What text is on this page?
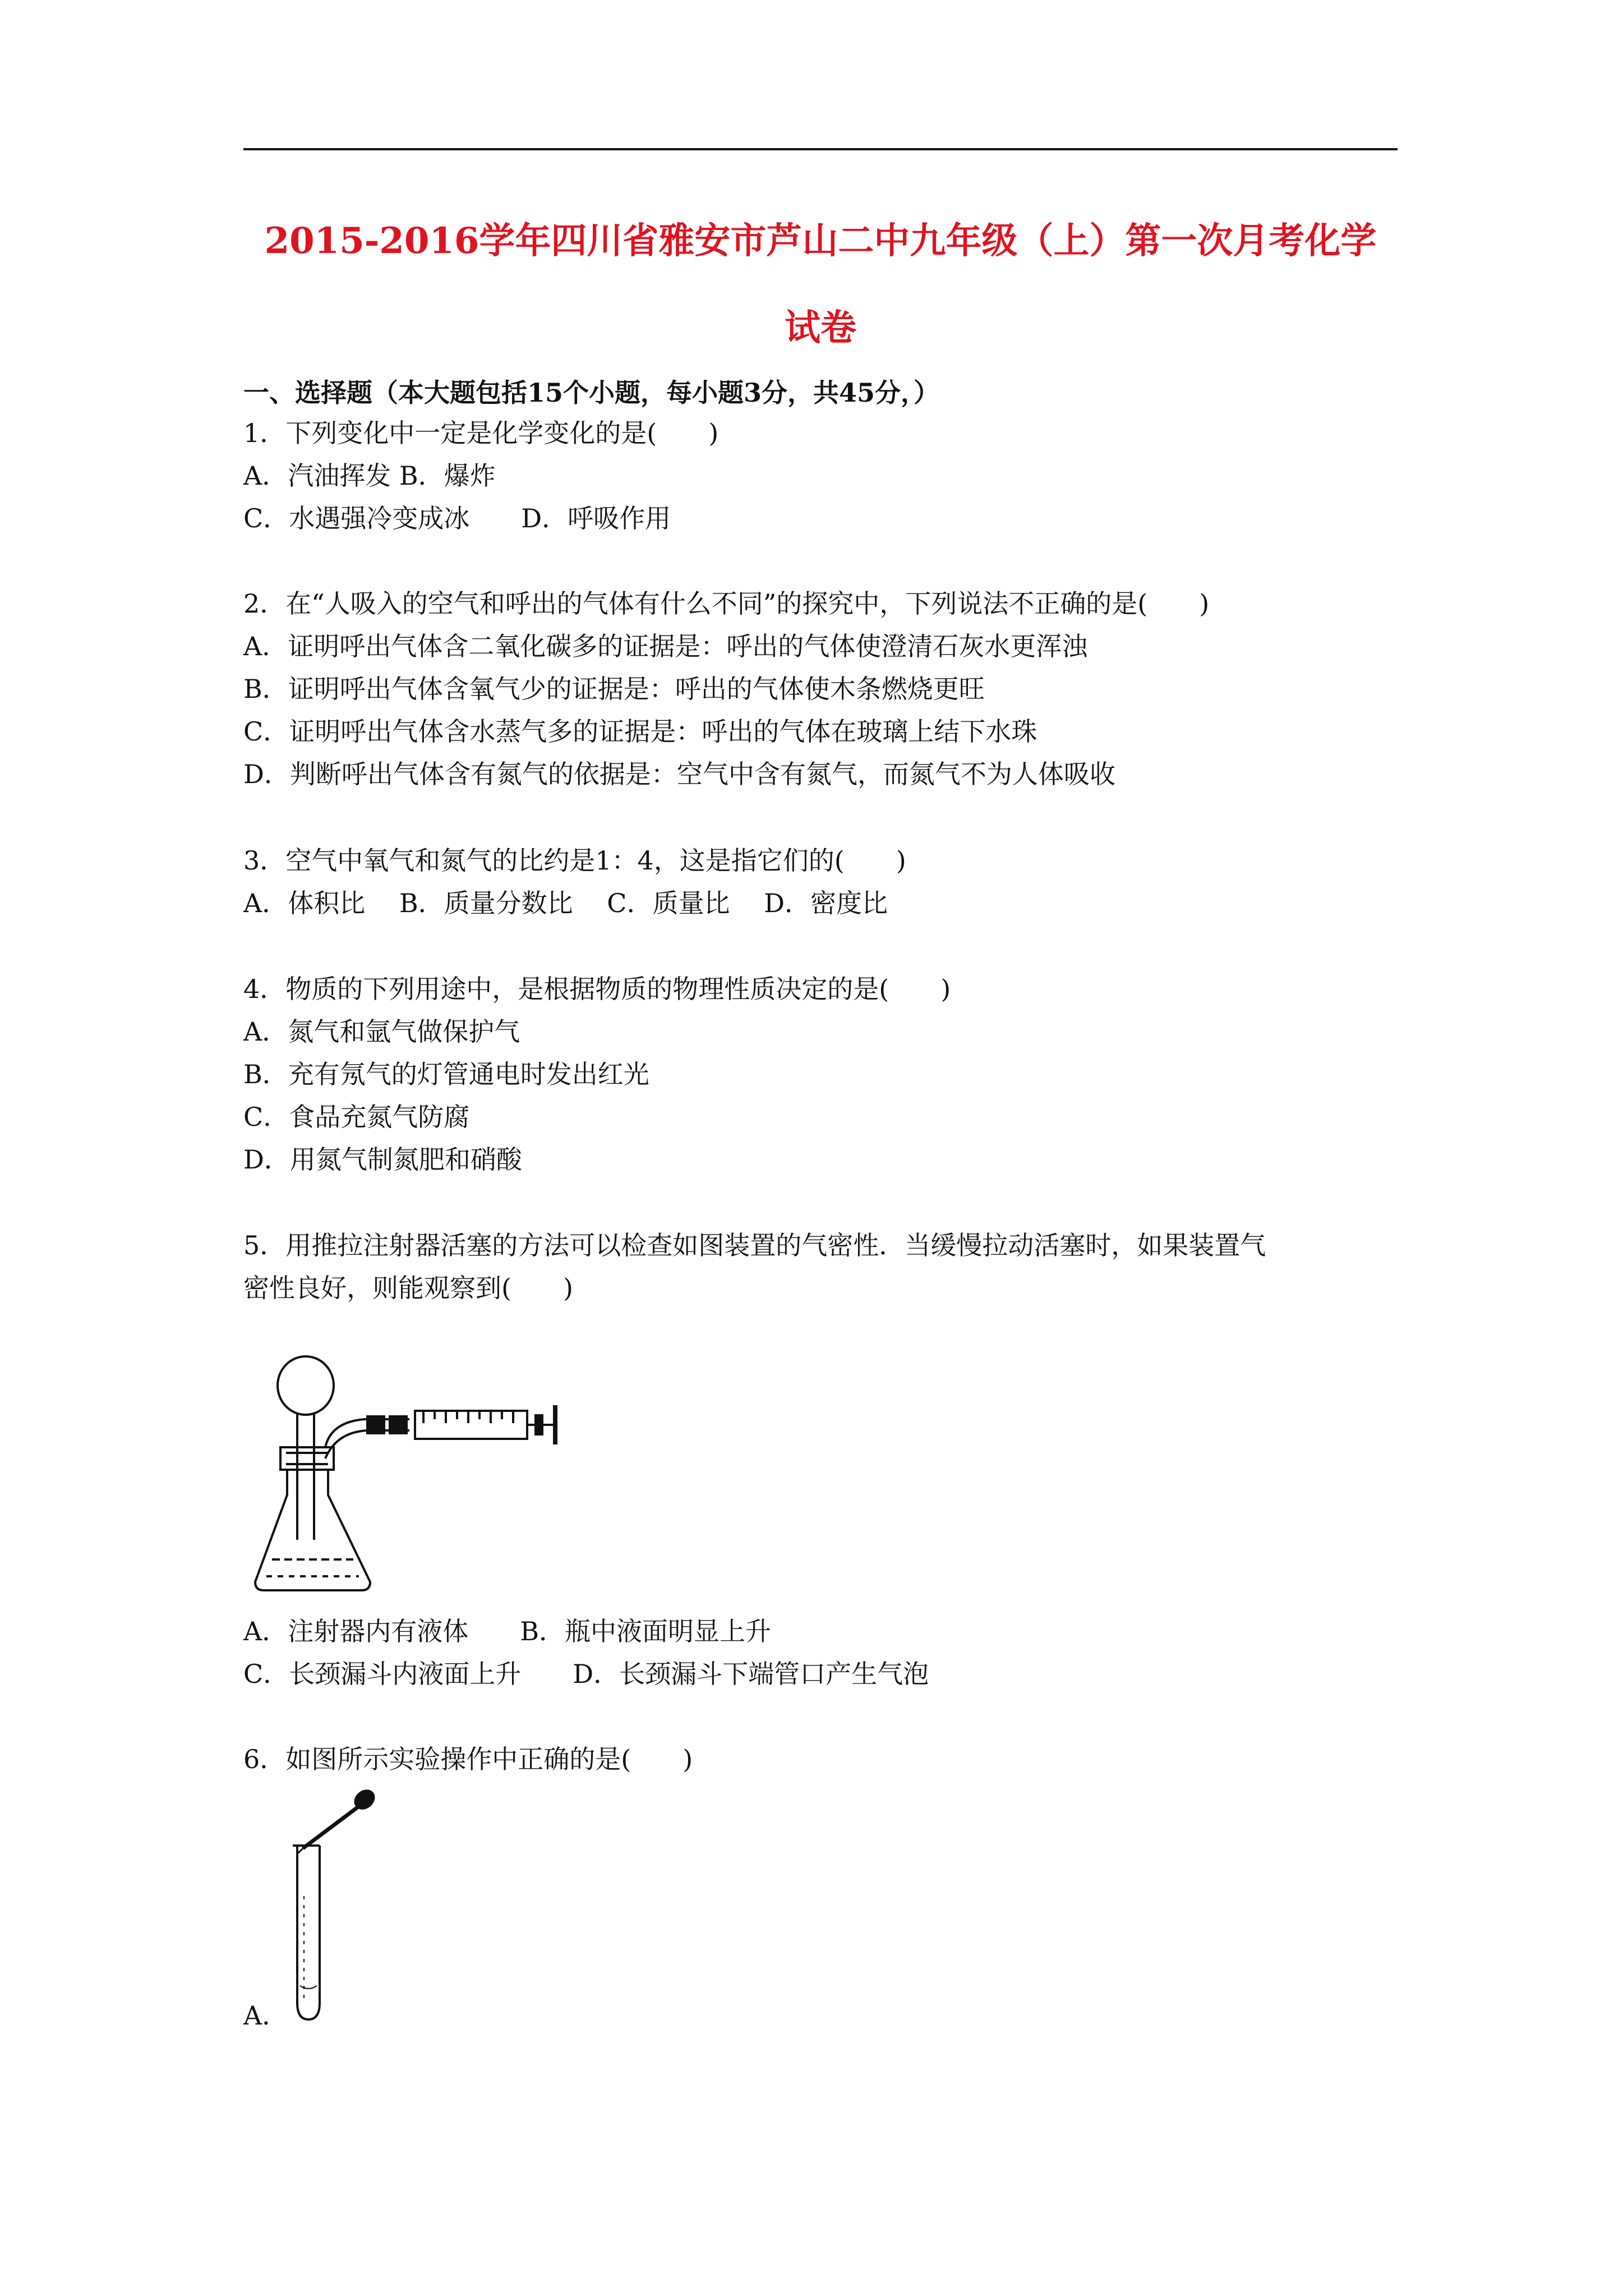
2015-2016学年四川省雅安市芦山二中九年级（上）第一次月考化学
试卷
一、选择题（本大题包括15个小题，每小题3分，共45分，）
1．下列变化中一定是化学变化的是(　　)
A．汽油挥发 B．爆炸
C．水遇强冷变成冰　　D．呼吸作用
2．在“人吸入的空气和呼出的气体有什么不同”的探究中，下列说法不正确的是(　　)
A．证明呼出气体含二氧化碳多的证据是：呼出的气体使澄清石灰水更浑浊
B．证明呼出气体含氧气少的证据是：呼出的气体使木条燃烧更旺
C．证明呼出气体含水蒸气多的证据是：呼出的气体在玻璃上结下水珠
D．判断呼出气体含有氮气的依据是：空气中含有氮气，而氮气不为人体吸收
3．空气中氧气和氮气的比约是1：4，这是指它们的(　　)
A．体积比　 B．质量分数比　 C．质量比　 D．密度比
4．物质的下列用途中，是根据物质的物理性质决定的是(　　)
A．氮气和氩气做保护气
B．充有氖气的灯管通电时发出红光
C．食品充氮气防腐
D．用氮气制氮肥和硝酸
5．用推拉注射器活塞的方法可以检查如图装置的气密性．当缓慢拉动活塞时，如果装置气
密性良好，则能观察到(　　)
A．注射器内有液体　　B．瓶中液面明显上升
C．长颈漏斗内液面上升　　D．长颈漏斗下端管口产生气泡
6．如图所示实验操作中正确的是(　　)
A．
